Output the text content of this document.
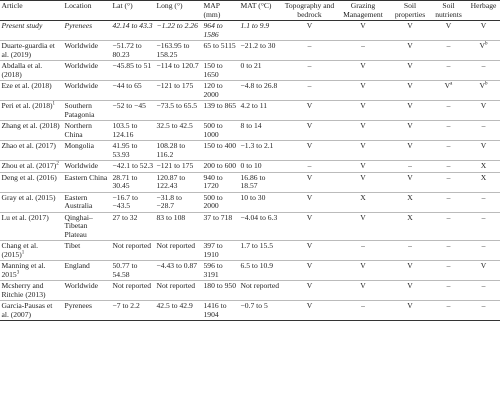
Article	Location	Lat (°)	Long (°)	MAP (mm)	MAT (°C)	Topography and bedrock	Grazing Management	Soil properties	Soil nutrients	Herbage
Present study	Pyrenees	42.14 to 43.3	−1.22 to 2.26	964 to 1586	1.1 to 9.9	V	V	V	V	V
Duarte-guardia et al. (2019)	Worldwide	−51.72 to 80.23	−163.95 to 158.25	65 to 5115	−21.2 to 30	–	–	V	–	$V^b$
Abdalla et al. (2018)	Worldwide	−45.85 to 51	−114 to 120.7	150 to 1650	0 to 21	–	V	V	–	–
Eze et al. (2018)	Worldwide	−44 to 65	−121 to 175	120 to 2000	−4.8 to 26.8	–	V	V	$V^a$	$V^b$
Peri et al. $(2018)^1$	Southern Patagonia	−52 to −45	−73.5 to 65.5	139 to 865	4.2 to 11	V	V	V	–	V
Zhang et al. (2018)	Northern China	103.5 to 124.16	32.5 to 42.5	500 to 1000	8 to 14	V	V	V	–	–
Zhao et al. (2017)	Mongolia	41.95 to 53.93	108.28 to 116.2	150 to 400	−1.3 to 2.1	V	V	V	–	V
Zhou et al. $(2017)^2$	Worldwide	−42.1 to 52.3	−121 to 175	200 to 600	0 to 10	–	V	–	–	X
Deng et al. (2016)	Eastern China	28.71 to 30.45	120.87 to 122.43	940 to 1720	16.86 to 18.57	V	V	V	–	X
Gray et al. (2015)	Eastern Australia	−16.7 to −43.5	−31.8 to −28.7	500 to 2000	10 to 30	V	X	X	–	–
Lu et al. (2017)	Qinghai–Tibetan Plateau	27 to 32	83 to 108	37 to 718	−4.04 to 6.3	V	V	X	–	–
Chang et al. $(2015)^1$	Tibet	Not reported	Not reported	397 to 1910	1.7 to 15.5	V	–	–	–	–
Manning et al. 2015$^3$	England	50.77 to 54.58	−4.43 to 0.87	596 to 3191	6.5 to 10.9	V	V	V	–	V
Mcsherry and Ritchie (2013)	Worldwide	Not reported	Not reported	180 to 950	Not reported	V	V	V	–	–
Garcia-Pausas et al. (2007)	Pyrenees	−7 to 2.2	42.5 to 42.9	1416 to 1904	−0.7 to 5	V	–	V	–	–
